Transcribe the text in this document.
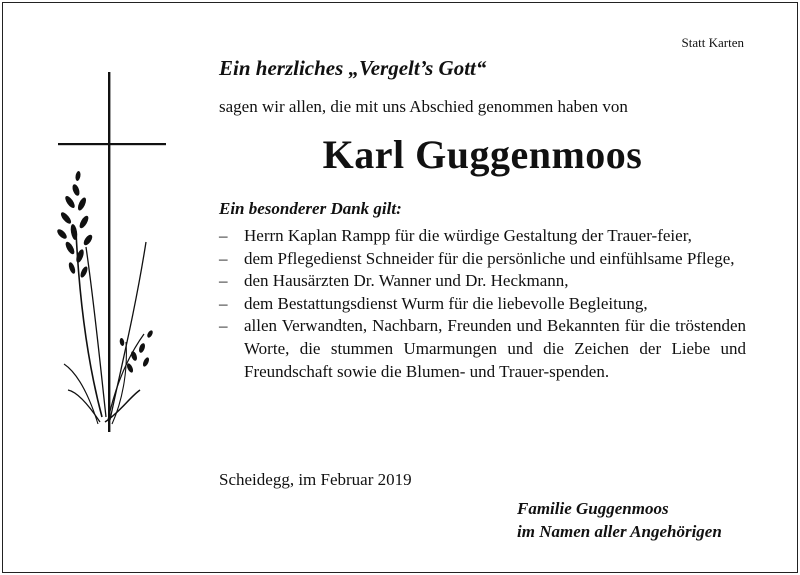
Statt Karten
Ein herzliches „Vergelt’s Gott“
sagen wir allen, die mit uns Abschied genommen haben von
Karl Guggenmoos
Ein besonderer Dank gilt:
– Herrn Kaplan Rampp für die würdige Gestaltung der Trauer-feier,
– dem Pflegedienst Schneider für die persönliche und einfühlsame Pflege,
– den Hausärzten Dr. Wanner und Dr. Heckmann,
– dem Bestattungsdienst Wurm für die liebevolle Begleitung,
– allen Verwandten, Nachbarn, Freunden und Bekannten für die tröstenden Worte, die stummen Umarmungen und die Zeichen der Liebe und Freundschaft sowie die Blumen- und Trauer-spenden.
Scheidegg, im Februar 2019
Familie Guggenmoos
im Namen aller Angehörigen
